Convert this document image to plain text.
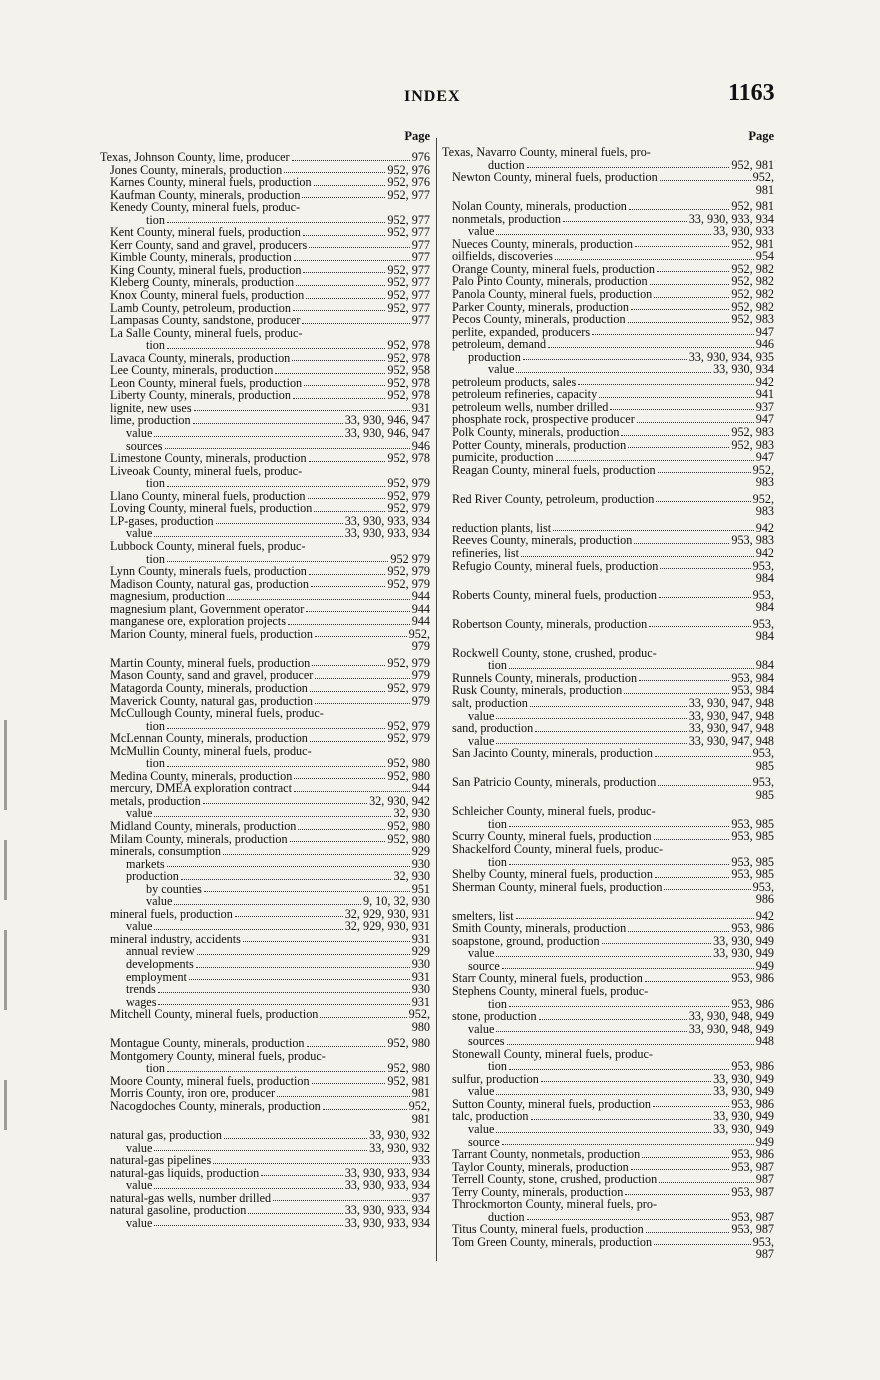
INDEX	1163
Page
Texas, Johnson County, lime, producer	976
Jones County, minerals, production	952, 976
Karnes County, mineral fuels, production	952, 976
Kaufman County, minerals, production	952, 977
Kenedy County, mineral fuels, produc-
tion	952, 977
Kent County, mineral fuels, production	952, 977
Kerr County, sand and gravel, producers	977
Kimble County, minerals, production	977
King County, mineral fuels, production	952, 977
Kleberg County, minerals, production	952, 977
Knox County, mineral fuels, production	952, 977
Lamb County, petroleum, production	952, 977
Lampasas County, sandstone, producer	977
La Salle County, mineral fuels, produc-
tion	952, 978
Lavaca County, minerals, production	952, 978
Lee County, minerals, production	952, 958
Leon County, mineral fuels, production	952, 978
Liberty County, minerals, production	952, 978
lignite, new uses	931
lime, production	33, 930, 946, 947
value	33, 930, 946, 947
sources	946
Limestone County, minerals, production	952, 978
Liveoak County, mineral fuels, produc-
tion	952, 979
Llano County, mineral fuels, production	952, 979
Loving County, mineral fuels, production	952, 979
LP-gases, production	33, 930, 933, 934
value	33, 930, 933, 934
Lubbock County, mineral fuels, produc-
tion	952 979
Lynn County, minerals fuels, production	952, 979
Madison County, natural gas, production	952, 979
magnesium, production	944
magnesium plant, Government operator	944
manganese ore, exploration projects	944
Marion County, mineral fuels, production	952,
979
Martin County, mineral fuels, production	952, 979
Mason County, sand and gravel, producer	979
Matagorda County, minerals, production	952, 979
Maverick County, natural gas, production	979
McCullough County, mineral fuels, produc-
tion	952, 979
McLennan County, minerals, production	952, 979
McMullin County, mineral fuels, produc-
tion	952, 980
Medina County, minerals, production	952, 980
mercury, DMEA exploration contract	944
metals, production	32, 930, 942
value	32, 930
Midland County, minerals, production	952, 980
Milam County, minerals, production	952, 980
minerals, consumption	929
markets	930
production	32, 930
by counties	951
value	9, 10, 32, 930
mineral fuels, production	32, 929, 930, 931
value	32, 929, 930, 931
mineral industry, accidents	931
annual review	929
developments	930
employment	931
trends	930
wages	931
Mitchell County, mineral fuels, production	952,
980
Montague County, minerals, production	952, 980
Montgomery County, mineral fuels, produc-
tion	952, 980
Moore County, mineral fuels, production	952, 981
Morris County, iron ore, producer	981
Nacogdoches County, minerals, production	952,
981
natural gas, production	33, 930, 932
value	33, 930, 932
natural-gas pipelines	933
natural-gas liquids, production	33, 930, 933, 934
value	33, 930, 933, 934
natural-gas wells, number drilled	937
natural gasoline, production	33, 930, 933, 934
value	33, 930, 933, 934
Page
Texas, Navarro County, mineral fuels, pro-
duction	952, 981
Newton County, mineral fuels, production	952,
981
Nolan County, minerals, production	952, 981
nonmetals, production	33, 930, 933, 934
value	33, 930, 933
Nueces County, minerals, production	952, 981
oilfields, discoveries	954
Orange County, mineral fuels, production	952, 982
Palo Pinto County, minerals, production	952, 982
Panola County, mineral fuels, production	952, 982
Parker County, minerals, production	952, 982
Pecos County, minerals, production	952, 983
perlite, expanded, producers	947
petroleum, demand	946
production	33, 930, 934, 935
value	33, 930, 934
petroleum products, sales	942
petroleum refineries, capacity	941
petroleum wells, number drilled	937
phosphate rock, prospective producer	947
Polk County, minerals, production	952, 983
Potter County, minerals, production	952, 983
pumicite, production	947
Reagan County, mineral fuels, production	952,
983
Red River County, petroleum, production	952,
983
reduction plants, list	942
Reeves County, minerals, production	953, 983
refineries, list	942
Refugio County, mineral fuels, production	953,
984
Roberts County, mineral fuels, production	953,
984
Robertson County, minerals, production	953,
984
Rockwell County, stone, crushed, produc-
tion	984
Runnels County, minerals, production	953, 984
Rusk County, minerals, production	953, 984
salt, production	33, 930, 947, 948
value	33, 930, 947, 948
sand, production	33, 930, 947, 948
value	33, 930, 947, 948
San Jacinto County, minerals, production	953,
985
San Patricio County, minerals, production	953,
985
Schleicher County, mineral fuels, produc-
tion	953, 985
Scurry County, mineral fuels, production	953, 985
Shackelford County, mineral fuels, produc-
tion	953, 985
Shelby County, mineral fuels, production	953, 985
Sherman County, mineral fuels, production	953,
986
smelters, list	942
Smith County, minerals, production	953, 986
soapstone, ground, production	33, 930, 949
value	33, 930, 949
source	949
Starr County, mineral fuels, production	953, 986
Stephens County, mineral fuels, produc-
tion	953, 986
stone, production	33, 930, 948, 949
value	33, 930, 948, 949
sources	948
Stonewall County, mineral fuels, produc-
tion	953, 986
sulfur, production	33, 930, 949
value	33, 930, 949
Sutton County, mineral fuels, production	953, 986
talc, production	33, 930, 949
value	33, 930, 949
source	949
Tarrant County, nonmetals, production	953, 986
Taylor County, minerals, production	953, 987
Terrell County, stone, crushed, production	987
Terry County, minerals, production	953, 987
Throckmorton County, mineral fuels, pro-
duction	953, 987
Titus County, mineral fuels, production	953, 987
Tom Green County, minerals, production	953,
987
